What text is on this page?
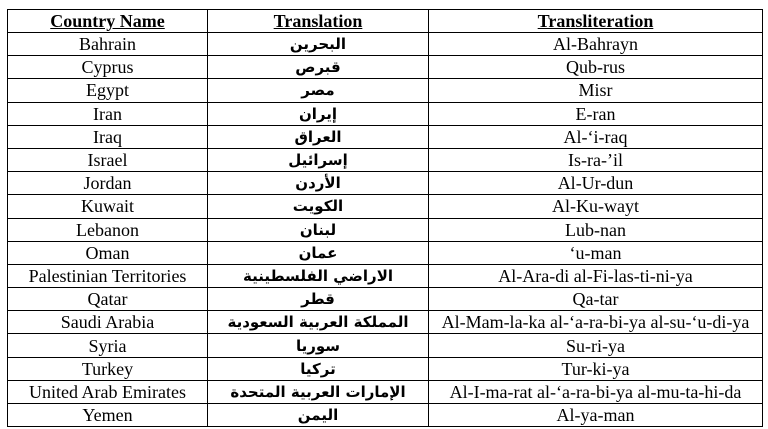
Country Name	Translation	Transliteration
Bahrain	البحرين	Al-Bahrayn
Cyprus	قبرص	Qub-rus
Egypt	مصر	Misr
Iran	إيران	E-ran
Iraq	العراق	Al-‘i-raq
Israel	إسرائيل	Is-ra-’il
Jordan	الأردن	Al-Ur-dun
Kuwait	الكويت	Al-Ku-wayt
Lebanon	لبنان	Lub-nan
Oman	عمان	‘u-man
Palestinian Territories	الاراضي الفلسطينية	Al-Ara-di al-Fi-las-ti-ni-ya
Qatar	قطر	Qa-tar
Saudi Arabia	المملكة العربية السعودية	Al-Mam-la-ka al-‘a-ra-bi-ya al-su-‘u-di-ya
Syria	سوريا	Su-ri-ya
Turkey	تركيا	Tur-ki-ya
United Arab Emirates	الإمارات العربية المتحدة	Al-I-ma-rat al-‘a-ra-bi-ya al-mu-ta-hi-da
Yemen	اليمن	Al-ya-man
